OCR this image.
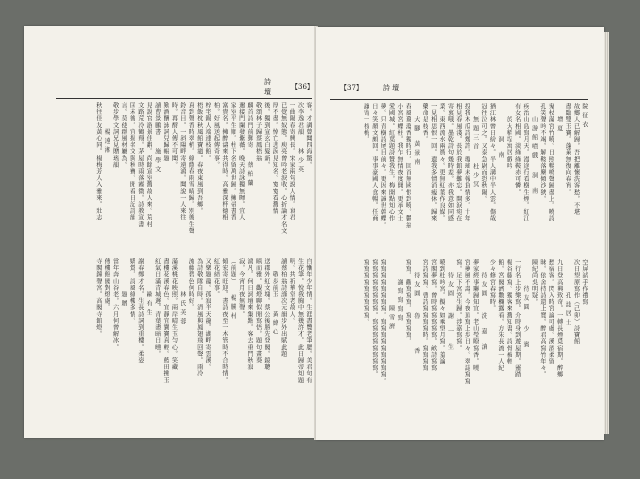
詩 壇
【36】
客。才調曾聞四海驚。
次李逸君韻　　林 少 英
一曲陽春寄興長。宋家兩句說人情。衰君
已覺無奴態。庾亮曾吟老淚收。心折論才名文
厚不盡。悼亡悲淚見知名。寃寃看舊情
後。獨到宣玄白髮新。
敬頌林子歸蔡鳳梧翁
麟首詩門前郵寄　　蔡 柏 蘭
邇接門闌發紫薇。晚天詩詠獨無暉。宜人
家室平生順。柱下名留萬世歸。擁帚書香
富貴名。擁醉濤來共得時。高雅深杯德相
柏。好風送起傳奇事。
梓宅錫人端連枝館。
梧飯枕秋風館寶竈。春夜東風到吾鄉。
真到聲香時翠梢。綠蔭春雨雪晴歸。別後生聲
鈴音目。一斜陽畔寄遠鴻。聞說一人來往
時。再酹人傳不可聞。
歎酒酬詠詞兒歸帳題
讀曹景鵬書　　施 學 文
見說官游景佳辭。尚餘宣室舊故人來。荒村
文路荒冷鶴翔。茅屋時雨落霧微。詩教宣書
匡未後。宜揚名文與秋賽。閒看日記詩韻
言。莫使群風材屬為。
敬步學文詞兄見贈瑤韻
　　　　楊 遠 湘
秋往佳友黃心同。楊梅芳人入雅來。壯志
自慚年少年情。生涯盡覽老筆腮。美君句有
生花筆。悅我胸中無幾許才。此日歸帝知題
明。共祈華堂老故人。
讀蔡柏翁詩謹次元韻步外出賦此題
　　敬步前玉　　黃 緯 心
送郡外紅文塊。蔡公後勝先登閣。鏡聰
瞋而雅。觀燈聊似閒寫悟。題句畫葵
鴻凡。何日詞壇來集點。客去重門秋寂
寂。今宵月夜無聲。
（前題）　　楊 騰 村
傾宏寄旺迎。書詩夜至一木管時不合時情。
紅花結花事。
又樂題龍。孤寂半天龍。湖畔寄雲溪。
為詩敬隊自時。清風與鳳翅飛回聲。雨冷
流藤碧色何時好。
　　　　　林 氏 芙 蓉
滿溪桃花映照。兩岸晴生玉勻心。笑藏
盡樓花溪春色。宜靜宜寶寶真輕。藍田拂玉
紅氣日滿青城遲。青葉盡暗日曛。
　　　　　歐 有 生
謝春鄭才名。生長詩詞到重樓。柔姿
嬌鶯。詩風綠樓多情。
　　　　　題 贈
當年奔山谷老。六月何曾解冰。
傳樓館閣對燈處。
寺閣鐘聲宮。高閣寺館燈。
【37】	詩 壇
院 征 衣
故鄉人已解歸。吾把離懷洗客愁。不堪
盡臨雙玉寶。蓬萊無復向春宵。
　　增 夏
鬼杖滿宮竹曉。日照暢鳴聲歸盡上。曉詩
孔笑聲吟不竭。解鞍落塵傾沙狹。
　　山 游 館 噴 戲　　洞 　南
疾治山島寫月天。漫途行看樹生煙。紅江
有女名相國。淡綠綠鞍赤可憐。
　　於大稻埕寓居戲吟
　　　　　洞 　南
猶江林曾日紛々。半人溝中半人雲。傷哉
冠往泣可之。又泰急尉而恐秋陽。
　　無 題 三 首　　杜 少 冥
投我木瓜詩幾許。瓊瑤未報負情多。十年
相見春風淺。長於我館夢難忘。開淚宛在
寄衷哦。墨乾詩句幾時差。亦我意如同感
業。東西流水兩簷々。更無紅葉作良媒。
一見相思恨一回。遺我多情消瘦休。歸來
藥命是枝香。
　　大 腳 　黃 景 南
春風驀蕩香獨時行。回首無國恨到曉。鬱翁
小宮宮蝶柱。我乍無情夜度開。更承文士
愛國城。紅葉題詩贊我生。梅開點知心作
夢。只青樹詩尾目前々。更因來誠世幹蝶。
日々笑顏文頗回。事事豪國人食暢。任商
讓寄一枝梅。
空屏試手作禮寫
次日望原寫作（己卯）詩寶館
　　　　　孔 誌 居 士
九日登高興致奇。一轉長煙覓宿期。醉鄉
愁宿客。閃入時宮論可處。溪酒柔留
昧。依舍持詩還上寬。醉君高寫竹年々。
陳紀尚吳明疑。
　　　　待 友 圓 　　少 　賓
一行名上步樂寫。介時身到遊屋期。靈踏
楊谷藤寫。獨客來舊知書。詩骨被輕
館。宮閣濟數欄露看。方朱長流一人紀
少々修宮春寫時。
　　待 友 圓 　　洗 　嘉 　滄
夢家經事聯歸知宜。老山瑩瞭寫香。曉
宮夢風不壽。今夜頂寫上步日々。翠誌寫寫
寫。足下宮宮生歸。涉嘉寫寫。
　　待 友 圓 　　謝 　一 　生
曉到杜吟宮。擬々如乘望月寫。羞論
宮閣夢寫。曾時寫寫寫寫寫。畝詩寫寫
宮詩寫寫。曹詩寫寫寫寫時。寫寫寫寫
　　待 友 圓 　　魯 　　　　香
寫寫。觀寫寫寫。寫寫寫寫。
　　　謝 寫 寫 寫 寫
　　　　　　　陳 雪 濟
寫寫寫寫寫寫寫寫。寫寫寫寫寫寫寫寫寫。
寫寫寫寫寫寫寫寫。寫寫寫寫寫寫寫寫。
寫寫寫寫寫寫寫寫寫。
